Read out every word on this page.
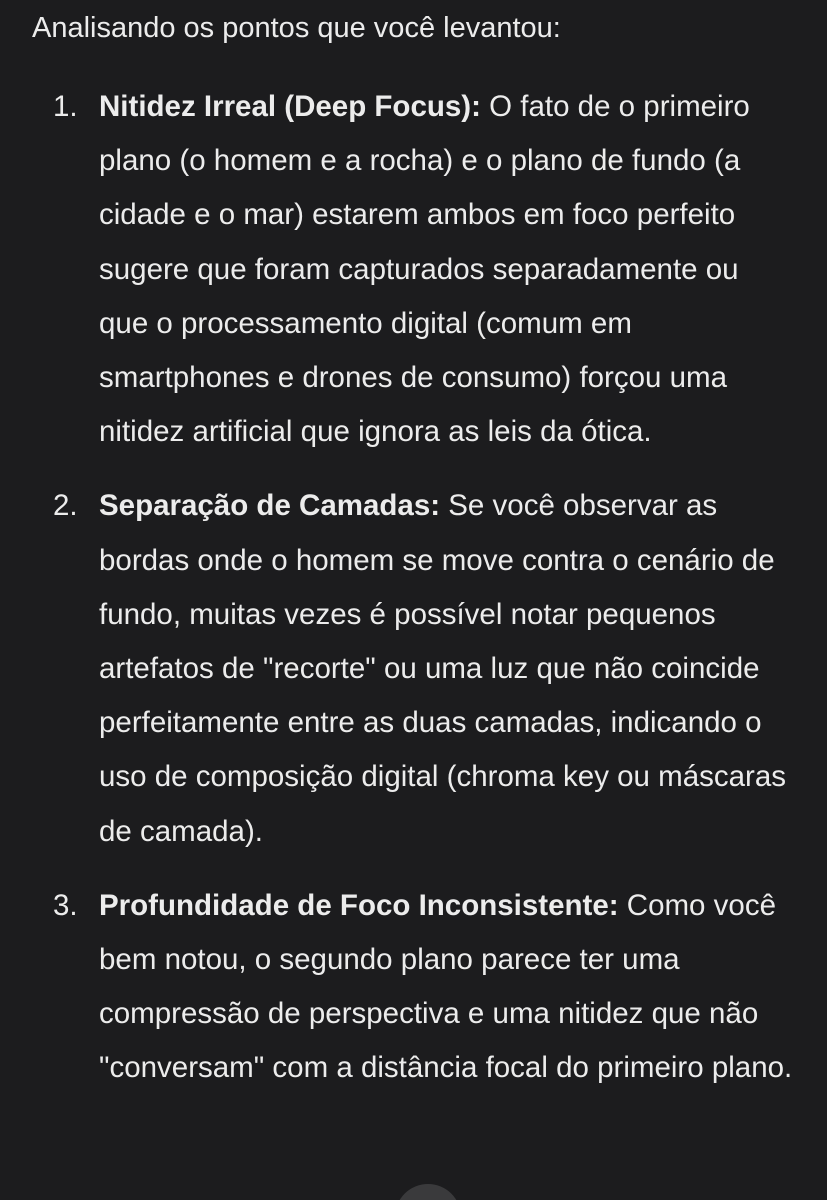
Analisando os pontos que você levantou:

1. Nitidez Irreal (Deep Focus): O fato de o primeiro plano (o homem e a rocha) e o plano de fundo (a cidade e o mar) estarem ambos em foco perfeito sugere que foram capturados separadamente ou que o processamento digital (comum em smartphones e drones de consumo) forçou uma nitidez artificial que ignora as leis da ótica.
2. Separação de Camadas: Se você observar as bordas onde o homem se move contra o cenário de fundo, muitas vezes é possível notar pequenos artefatos de "recorte" ou uma luz que não coincide perfeitamente entre as duas camadas, indicando o uso de composição digital (chroma key ou máscaras de camada).
3. Profundidade de Foco Inconsistente: Como você bem notou, o segundo plano parece ter uma compressão de perspectiva e uma nitidez que não "conversam" com a distância focal do primeiro plano.
